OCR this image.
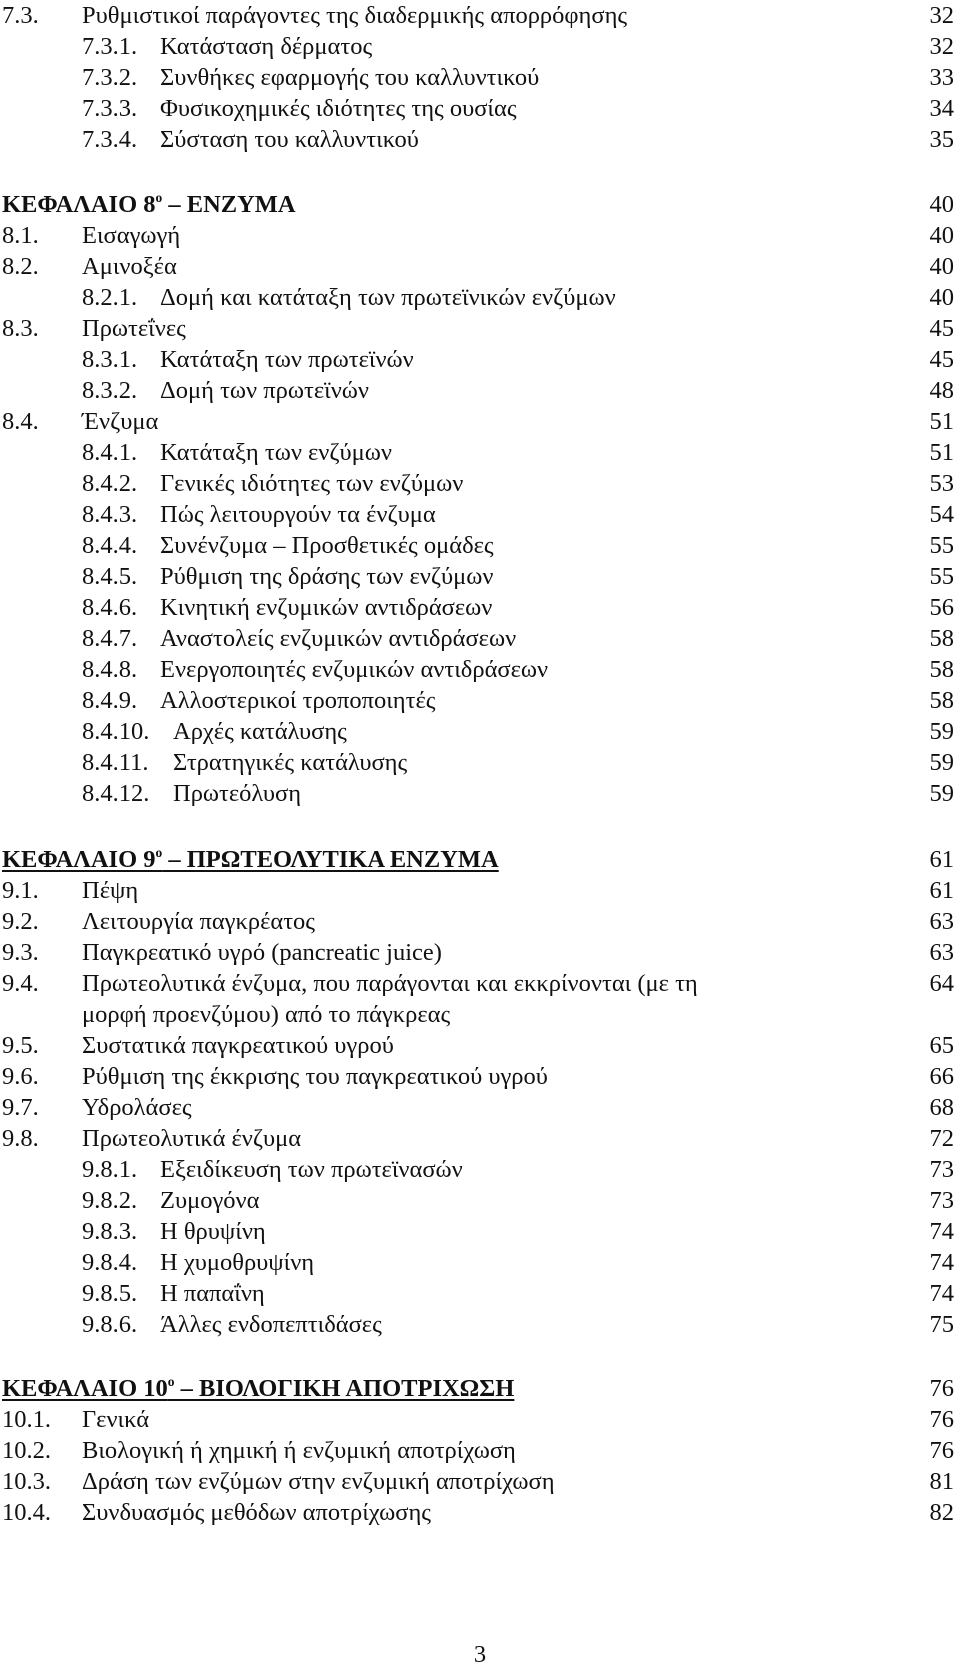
7.3. Ρυθμιστικοί παράγοντες της διαδερμικής απορρόφησης	32
7.3.1. Κατάσταση δέρματος	32
7.3.2. Συνθήκες εφαρμογής του καλλυντικού	33
7.3.3. Φυσικοχημικές ιδιότητες της ουσίας	34
7.3.4. Σύσταση του καλλυντικού	35
ΚΕΦΑΛΑΙΟ $8^o$ – ΕΝΖΥΜΑ	40
8.1. Εισαγωγή	40
8.2. Αμινοξέα	40
8.2.1. Δομή και κατάταξη των πρωτεϊνικών ενζύμων	40
8.3. Πρωτεΐνες	45
8.3.1. Κατάταξη των πρωτεϊνών	45
8.3.2. Δομή των πρωτεϊνών	48
8.4. Ένζυμα	51
8.4.1. Κατάταξη των ενζύμων	51
8.4.2. Γενικές ιδιότητες των ενζύμων	53
8.4.3. Πώς λειτουργούν τα ένζυμα	54
8.4.4. Συνένζυμα – Προσθετικές ομάδες	55
8.4.5. Ρύθμιση της δράσης των ενζύμων	55
8.4.6. Κινητική ενζυμικών αντιδράσεων	56
8.4.7. Αναστολείς ενζυμικών αντιδράσεων	58
8.4.8. Ενεργοποιητές ενζυμικών αντιδράσεων	58
8.4.9. Αλλοστερικοί τροποποιητές	58
8.4.10. Αρχές κατάλυσης	59
8.4.11. Στρατηγικές κατάλυσης	59
8.4.12. Πρωτεόλυση	59
ΚΕΦΑΛΑΙΟ $9^o$ – ΠΡΩΤΕΟΛΥΤΙΚΑ ΕΝΖΥΜΑ	61
9.1. Πέψη	61
9.2. Λειτουργία παγκρέατος	63
9.3. Παγκρεατικό υγρό (pancreatic juice)	63
9.4. Πρωτεολυτικά ένζυμα, που παράγονται και εκκρίνονται (με τη	64
μορφή προενζύμου) από το πάγκρεας
9.5. Συστατικά παγκρεατικού υγρού	65
9.6. Ρύθμιση της έκκρισης του παγκρεατικού υγρού	66
9.7. Υδρολάσες	68
9.8. Πρωτεολυτικά ένζυμα	72
9.8.1. Εξειδίκευση των πρωτεϊνασών	73
9.8.2. Ζυμογόνα	73
9.8.3. Η θρυψίνη	74
9.8.4. Η χυμοθρυψίνη	74
9.8.5. Η παπαΐνη	74
9.8.6. Άλλες ενδοπεπτιδάσες	75
ΚΕΦΑΛΑΙΟ $10^o$ – ΒΙΟΛΟΓΙΚΗ ΑΠΟΤΡΙΧΩΣΗ	76
10.1. Γενικά	76
10.2. Βιολογική ή χημική ή ενζυμική αποτρίχωση	76
10.3. Δράση των ενζύμων στην ενζυμική αποτρίχωση	81
10.4. Συνδυασμός μεθόδων αποτρίχωσης	82
3
